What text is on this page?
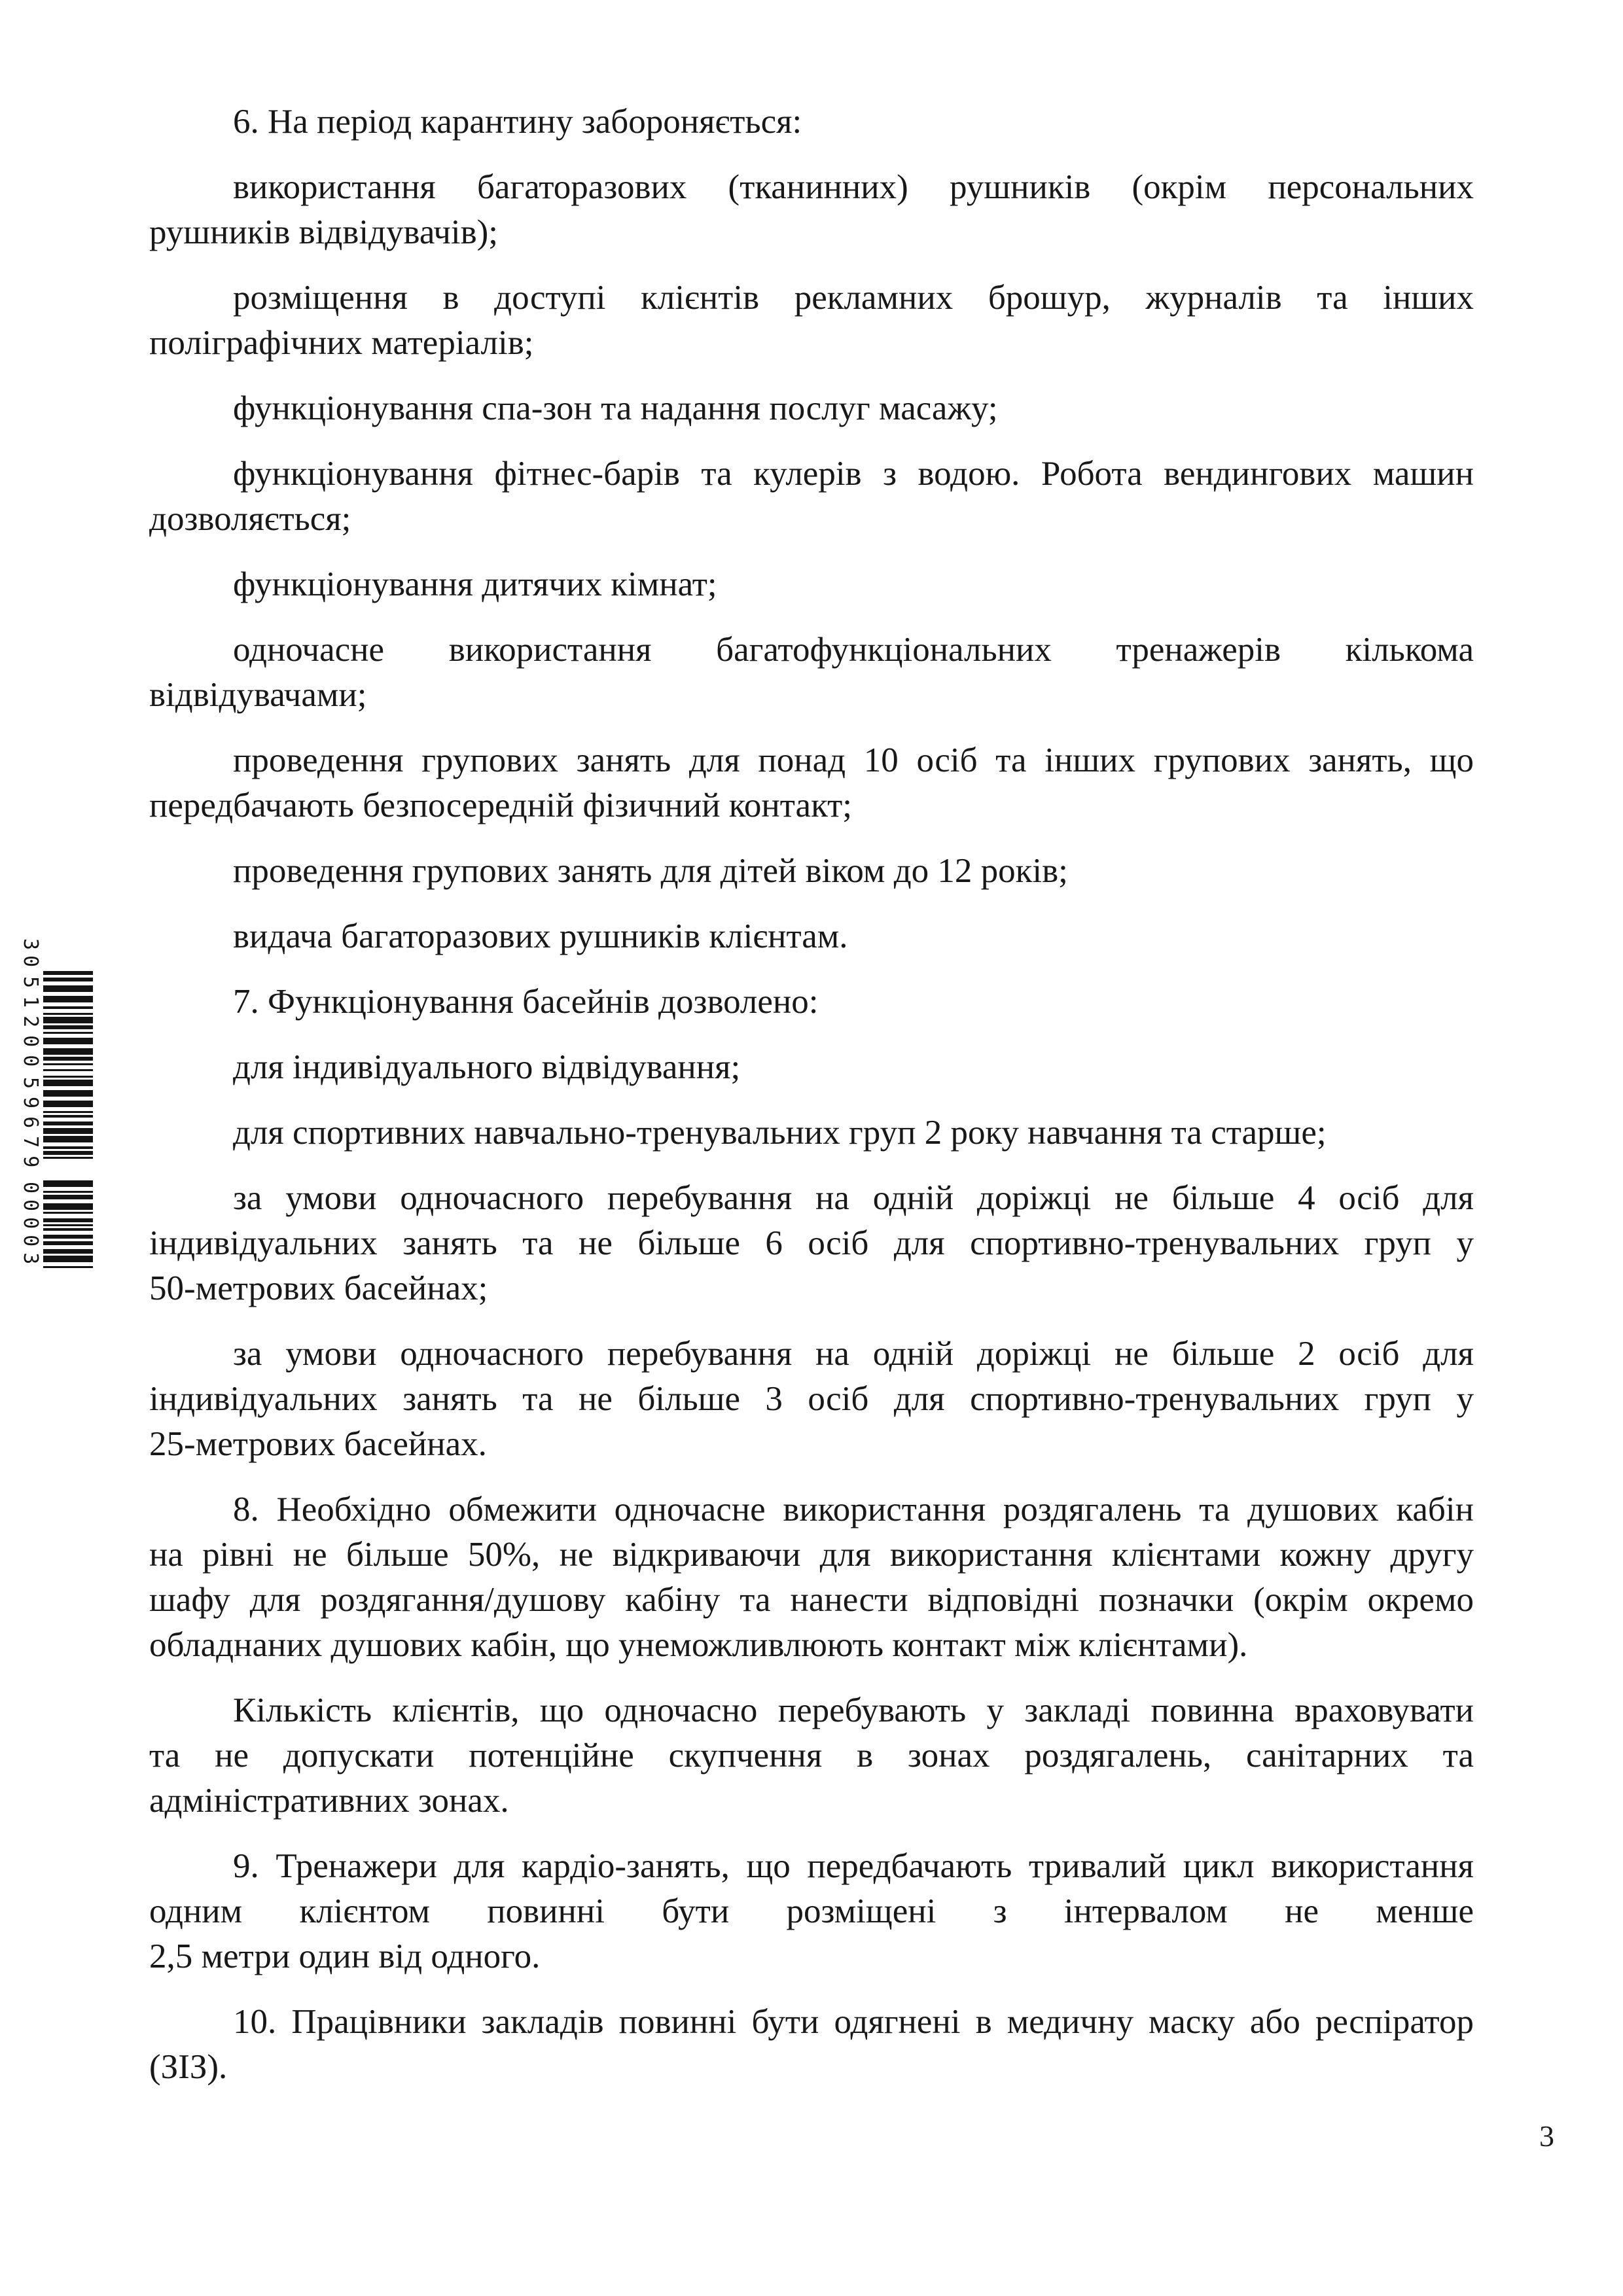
30
51200
59679
00003
6. На період карантину забороняється:
використання багаторазових (тканинних) рушників (окрім персональних
рушників відвідувачів);
розміщення в доступі клієнтів рекламних брошур, журналів та інших
поліграфічних матеріалів;
функціонування спа-зон та надання послуг масажу;
функціонування фітнес-барів та кулерів з водою. Робота вендингових машин
дозволяється;
функціонування дитячих кімнат;
одночасне використання багатофункціональних тренажерів кількома
відвідувачами;
проведення групових занять для понад 10 осіб та інших групових занять, що
передбачають безпосередній фізичний контакт;
проведення групових занять для дітей віком до 12 років;
видача багаторазових рушників клієнтам.
7. Функціонування басейнів дозволено:
для індивідуального відвідування;
для спортивних навчально-тренувальних груп 2 року навчання та старше;
за умови одночасного перебування на одній доріжці не більше 4 осіб для
індивідуальних занять та не більше 6 осіб для спортивно-тренувальних груп у
50-метрових басейнах;
за умови одночасного перебування на одній доріжці не більше 2 осіб для
індивідуальних занять та не більше 3 осіб для спортивно-тренувальних груп у
25-метрових басейнах.
8. Необхідно обмежити одночасне використання роздягалень та душових кабін
на рівні не більше 50%, не відкриваючи для використання клієнтами кожну другу
шафу для роздягання/душову кабіну та нанести відповідні позначки (окрім окремо
обладнаних душових кабін, що унеможливлюють контакт між клієнтами).
Кількість клієнтів, що одночасно перебувають у закладі повинна враховувати
та не допускати потенційне скупчення в зонах роздягалень, санітарних та
адміністративних зонах.
9. Тренажери для кардіо-занять, що передбачають тривалий цикл використання
одним клієнтом повинні бути розміщені з інтервалом не менше
2,5 метри один від одного.
10. Працівники закладів повинні бути одягнені в медичну маску або респіратор
(ЗІЗ).
3
